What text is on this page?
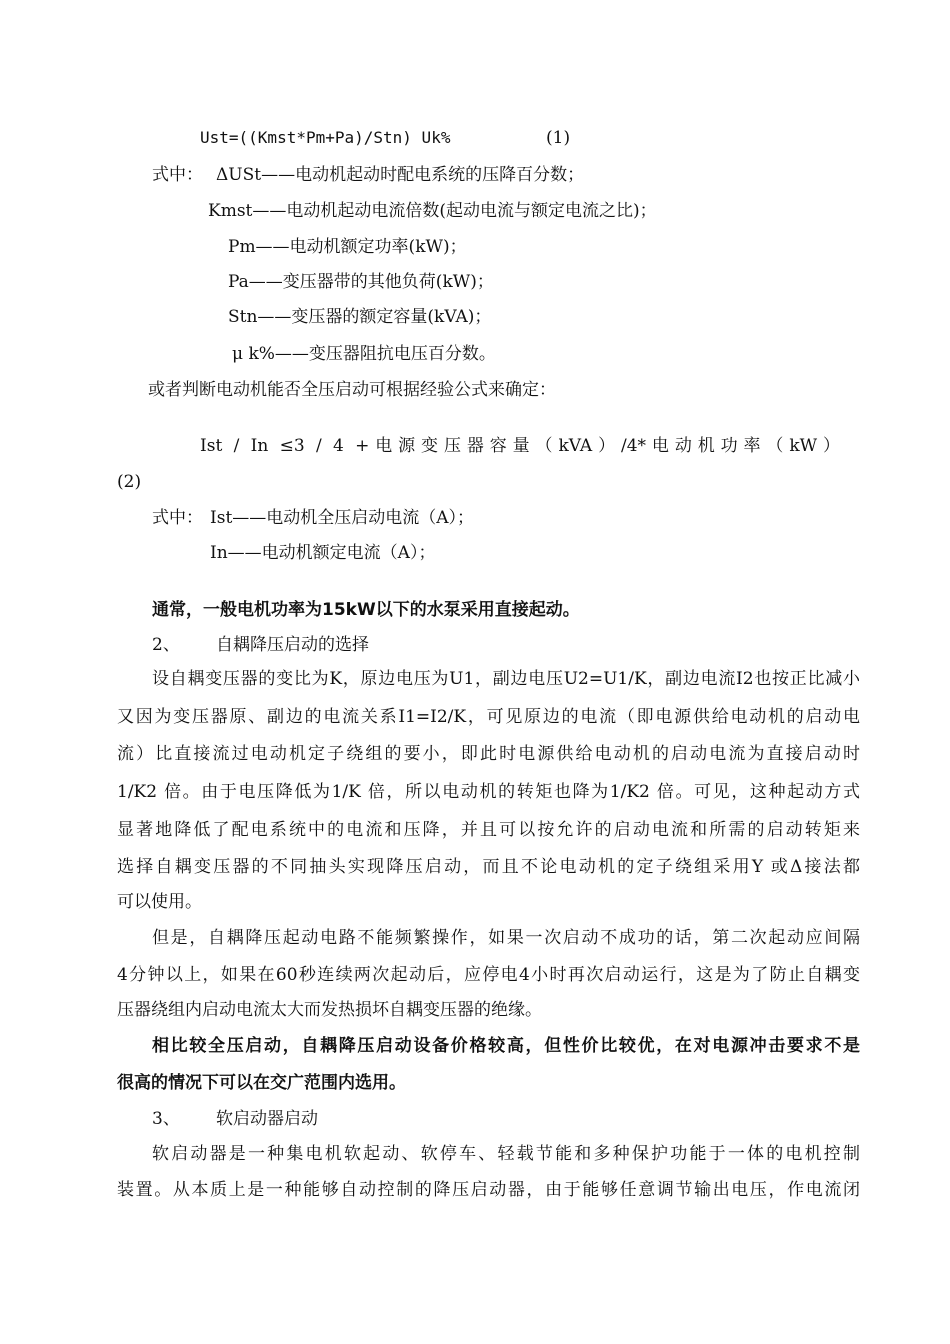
Ust=((Kmst*Pm+Pa)/Stn) Uk%	(1)
式中： ΔUSt——电动机起动时配电系统的压降百分数；
Kmst——电动机起动电流倍数(起动电流与额定电流之比)；
Pm——电动机额定功率(kW)；
Pa——变压器带的其他负荷(kW)；
Stn——变压器的额定容量(kVA)；
μ k%——变压器阻抗电压百分数。
或者判断电动机能否全压启动可根据经验公式来确定：
Ist / In ≤3 / 4 +电源变压器容量（kVA）/4*电动机功率（kW）
(2)
式中： Ist——电动机全压启动电流（A）；
In——电动机额定电流（A）；
通常，一般电机功率为15kW以下的水泵采用直接起动。
2、 自耦降压启动的选择
设自耦变压器的变比为K，原边电压为U1，副边电压U2=U1/K，副边电流I2也按正比减小
又因为变压器原、副边的电流关系I1=I2/K，可见原边的电流（即电源供给电动机的启动电
流）比直接流过电动机定子绕组的要小，即此时电源供给电动机的启动电流为直接启动时
1/K2 倍。由于电压降低为1/K 倍，所以电动机的转矩也降为1/K2 倍。可见，这种起动方式
显著地降低了配电系统中的电流和压降，并且可以按允许的启动电流和所需的启动转矩来
选择自耦变压器的不同抽头实现降压启动，而且不论电动机的定子绕组采用Y 或Δ接法都
可以使用。
但是，自耦降压起动电路不能频繁操作，如果一次启动不成功的话，第二次起动应间隔
4分钟以上，如果在60秒连续两次起动后，应停电4小时再次启动运行，这是为了防止自耦变
压器绕组内启动电流太大而发热损坏自耦变压器的绝缘。
相比较全压启动，自耦降压启动设备价格较高，但性价比较优，在对电源冲击要求不是
很高的情况下可以在交广范围内选用。
3、 软启动器启动
软启动器是一种集电机软起动、软停车、轻载节能和多种保护功能于一体的电机控制
装置。从本质上是一种能够自动控制的降压启动器，由于能够任意调节输出电压，作电流闭
